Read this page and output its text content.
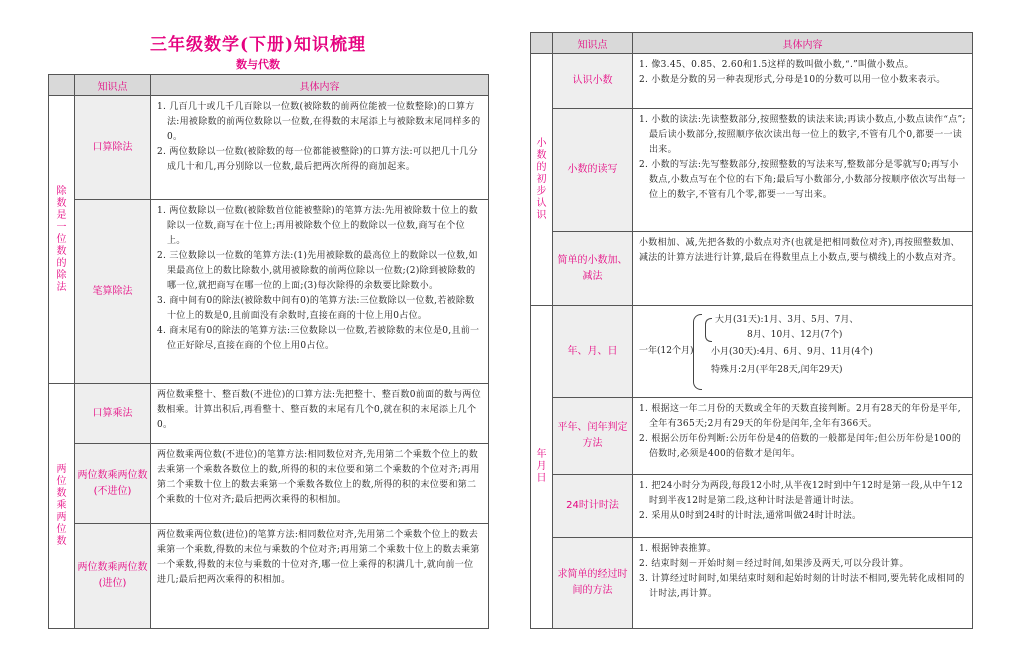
三年级数学(下册)知识梳理
数与代数
	知识点	具体内容
除数是一位数的除法	口算除法	1. 几百几十或几千几百除以一位数(被除数的前两位能被一位数整除)的口算方法:用被除数的前两位数除以一位数,在得数的末尾添上与被除数末尾同样多的0。

2. 两位数除以一位数(被除数的每一位都能被整除)的口算方法:可以把几十几分成几十和几,再分别除以一位数,最后把两次所得的商加起来。

	笔算除法	1. 两位数除以一位数(被除数首位能被整除)的笔算方法:先用被除数十位上的数除以一位数,商写在十位上;再用被除数个位上的数除以一位数,商写在个位上。

2. 三位数除以一位数的笔算方法:(1)先用被除数的最高位上的数除以一位数,如果最高位上的数比除数小,就用被除数的前两位除以一位数;(2)除到被除数的哪一位,就把商写在哪一位的上面;(3)每次除得的余数要比除数小。

3. 商中间有0的除法(被除数中间有0)的笔算方法:三位数除以一位数,若被除数十位上的数是0,且前面没有余数时,直接在商的十位上用0占位。

4. 商末尾有0的除法的笔算方法:三位数除以一位数,若被除数的末位是0,且前一位正好除尽,直接在商的个位上用0占位。

两位数乘两位数	口算乘法	两位数乘整十、整百数(不进位)的口算方法:先把整十、整百数0前面的数与两位数相乘。计算出积后,再看整十、整百数的末尾有几个0,就在积的末尾添上几个0。

	两位数乘两位数(不进位)	两位数乘两位数(不进位)的笔算方法:相同数位对齐,先用第二个乘数个位上的数去乘第一个乘数各数位上的数,所得的积的末位要和第二个乘数的个位对齐;再用第二个乘数十位上的数去乘第一个乘数各数位上的数,所得的积的末位要和第二个乘数的十位对齐;最后把两次乘得的积相加。

	两位数乘两位数(进位)	两位数乘两位数(进位)的笔算方法:相同数位对齐,先用第二个乘数个位上的数去乘第一个乘数,得数的末位与乘数的个位对齐;再用第二个乘数十位上的数去乘第一个乘数,得数的末位与乘数的十位对齐,哪一位上乘得的积满几十,就向前一位进几;最后把两次乘得的积相加。

	知识点	具体内容
小数的初步认识	认识小数	1. 像3.45、0.85、2.60和1.5这样的数叫做小数,“.”叫做小数点。

2. 小数是分数的另一种表现形式,分母是10的分数可以用一位小数来表示。

	小数的读写	1. 小数的读法:先读整数部分,按照整数的读法来读;再读小数点,小数点读作“点”;最后读小数部分,按照顺序依次读出每一位上的数字,不管有几个0,都要一一读出来。

2. 小数的写法:先写整数部分,按照整数的写法来写,整数部分是零就写0;再写小数点,小数点写在个位的右下角;最后写小数部分,小数部分按顺序依次写出每一位上的数字,不管有几个零,都要一一写出来。

	简单的小数加、减法	小数相加、减,先把各数的小数点对齐(也就是把相同数位对齐),再按照整数加、减法的计算方法进行计算,最后在得数里点上小数点,要与横线上的小数点对齐。

年月日	年、月、日	一年(12个月)
大月(31天):1月、3月、5月、7月、
8月、10月、12月(7个)
小月(30天):4月、6月、9月、11月(4个)
特殊月:2月(平年28天,闰年29天)

	平年、闰年判定方法	1. 根据这一年二月份的天数或全年的天数直接判断。2月有28天的年份是平年,全年有365天;2月有29天的年份是闰年,全年有366天。

2. 根据公历年份判断:公历年份是4的倍数的一般都是闰年;但公历年份是100的倍数时,必须是400的倍数才是闰年。

	24时计时法	1. 把24小时分为两段,每段12小时,从半夜12时到中午12时是第一段,从中午12时到半夜12时是第二段,这种计时法是普通计时法。

2. 采用从0时到24时的计时法,通常叫做24时计时法。

	求简单的经过时间的方法	1. 根据钟表推算。

2. 结束时刻－开始时刻＝经过时间,如果涉及两天,可以分段计算。

3. 计算经过时间时,如果结束时刻和起始时刻的计时法不相同,要先转化成相同的计时法,再计算。
